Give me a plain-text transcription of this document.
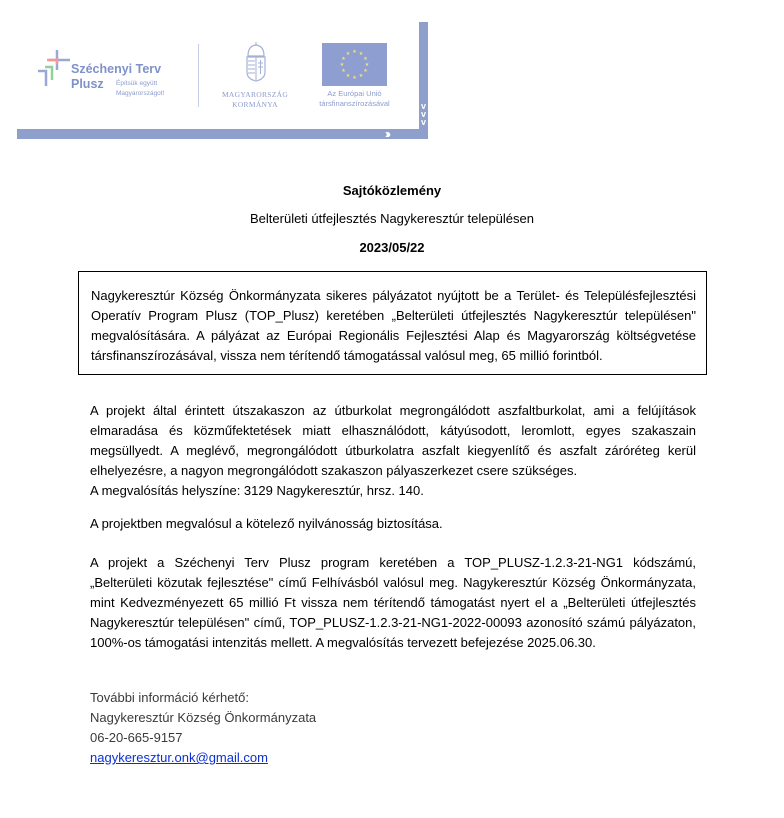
›››
v
v
v
Széchenyi Terv
Plusz Építsük együtt
Magyarországot!	MAGYARORSZÁG
KORMÁNYA
★ ★
★
★
★
★
★
★
★
★
★
★
Az Európai Unió
társfinanszírozásával
Sajtóközlemény
Belterületi útfejlesztés Nagykeresztúr településen
2023/05/22
Nagykeresztúr Község Önkormányzata sikeres pályázatot nyújtott be a Terület- és Településfejlesztési Operatív Program Plusz (TOP_Plusz) keretében „Belterületi útfejlesztés Nagykeresztúr településen" megvalósítására. A pályázat az Európai Regionális Fejlesztési Alap és Magyarország költségvetése társfinanszírozásával, vissza nem térítendő támogatással valósul meg, 65 millió forintból.
A projekt által érintett útszakaszon az útburkolat megrongálódott aszfaltburkolat, ami a felújítások elmaradása és közműfektetések miatt elhasználódott, kátyúsodott, leromlott, egyes szakaszain megsüllyedt. A meglévő, megrongálódott útburkolatra aszfalt kiegyenlítő és aszfalt záróréteg kerül elhelyezésre, a nagyon megrongálódott szakaszon pályaszerkezet csere szükséges.
A megvalósítás helyszíne: 3129 Nagykeresztúr, hrsz. 140.
A projektben megvalósul a kötelező nyilvánosság biztosítása.
A projekt a Széchenyi Terv Plusz program keretében a TOP_PLUSZ-1.2.3-21-NG1 kódszámú, „Belterületi közutak fejlesztése" című Felhívásból valósul meg. Nagykeresztúr Község Önkormányzata, mint Kedvezményezett 65 millió Ft vissza nem térítendő támogatást nyert el a „Belterületi útfejlesztés Nagykeresztúr településen" című, TOP_PLUSZ-1.2.3-21-NG1-2022-00093 azonosító számú pályázaton, 100%-os támogatási intenzitás mellett. A megvalósítás tervezett befejezése 2025.06.30.
További információ kérhető:
Nagykeresztúr Község Önkormányzata
06-20-665-9157
nagykeresztur.onk@gmail.com
